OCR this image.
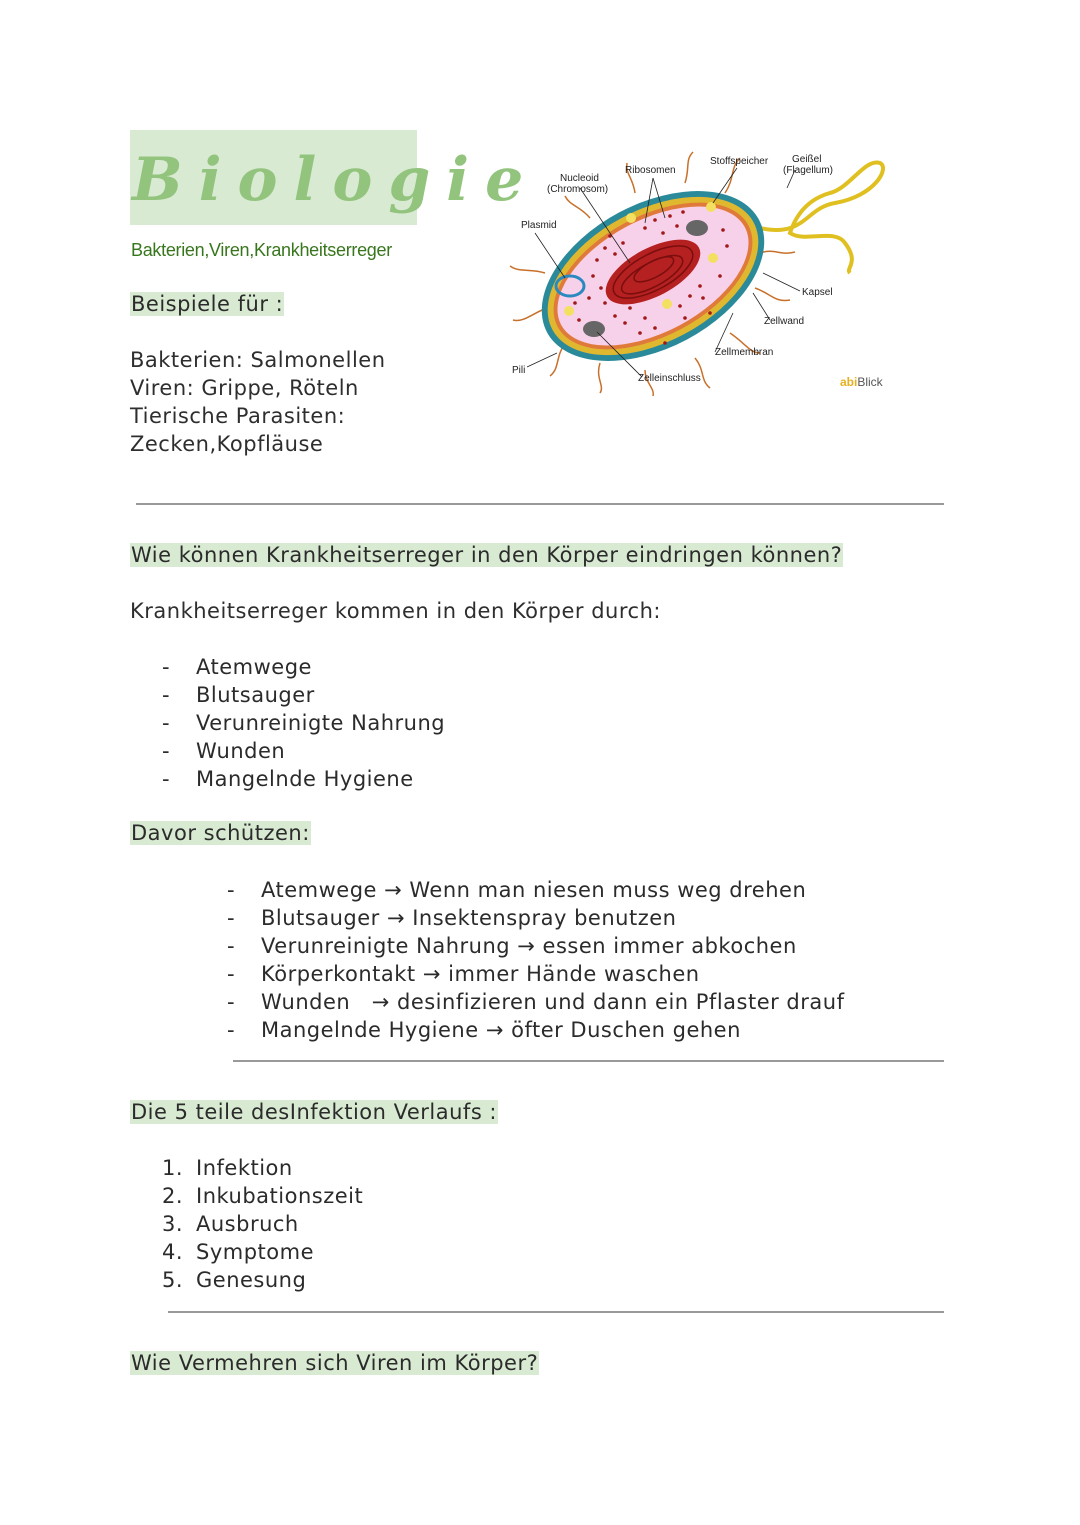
Biologie
Bakterien,Viren,Krankheitserreger
Beispiele für :
Bakterien: Salmonellen
Viren: Grippe, Röteln
Tierische Parasiten:
Zecken,Kopfläuse
Nucleoid
(Chromosom)
Ribosomen
Stoffspeicher Geißel
(Flagellum)
Plasmid
Kapsel
Zellwand
Zellmembran
Pili
Zelleinschluss	abiBlick
Wie können Krankheitserreger in den Körper eindringen können?
Krankheitserreger kommen in den Körper durch:
- Atemwege
- Blutsauger
- Verunreinigte Nahrung
- Wunden
- Mangelnde Hygiene
Davor schützen:
- Atemwege → Wenn man niesen muss weg drehen
- Blutsauger → Insektenspray benutzen
- Verunreinigte Nahrung → essen immer abkochen
- Körperkontakt → immer Hände waschen
- Wunden   → desinfizieren und dann ein Pflaster drauf
- Mangelnde Hygiene → öfter Duschen gehen
Die 5 teile desInfektion Verlaufs :
1. Infektion
2. Inkubationszeit
3. Ausbruch
4. Symptome
5. Genesung
Wie Vermehren sich Viren im Körper?
